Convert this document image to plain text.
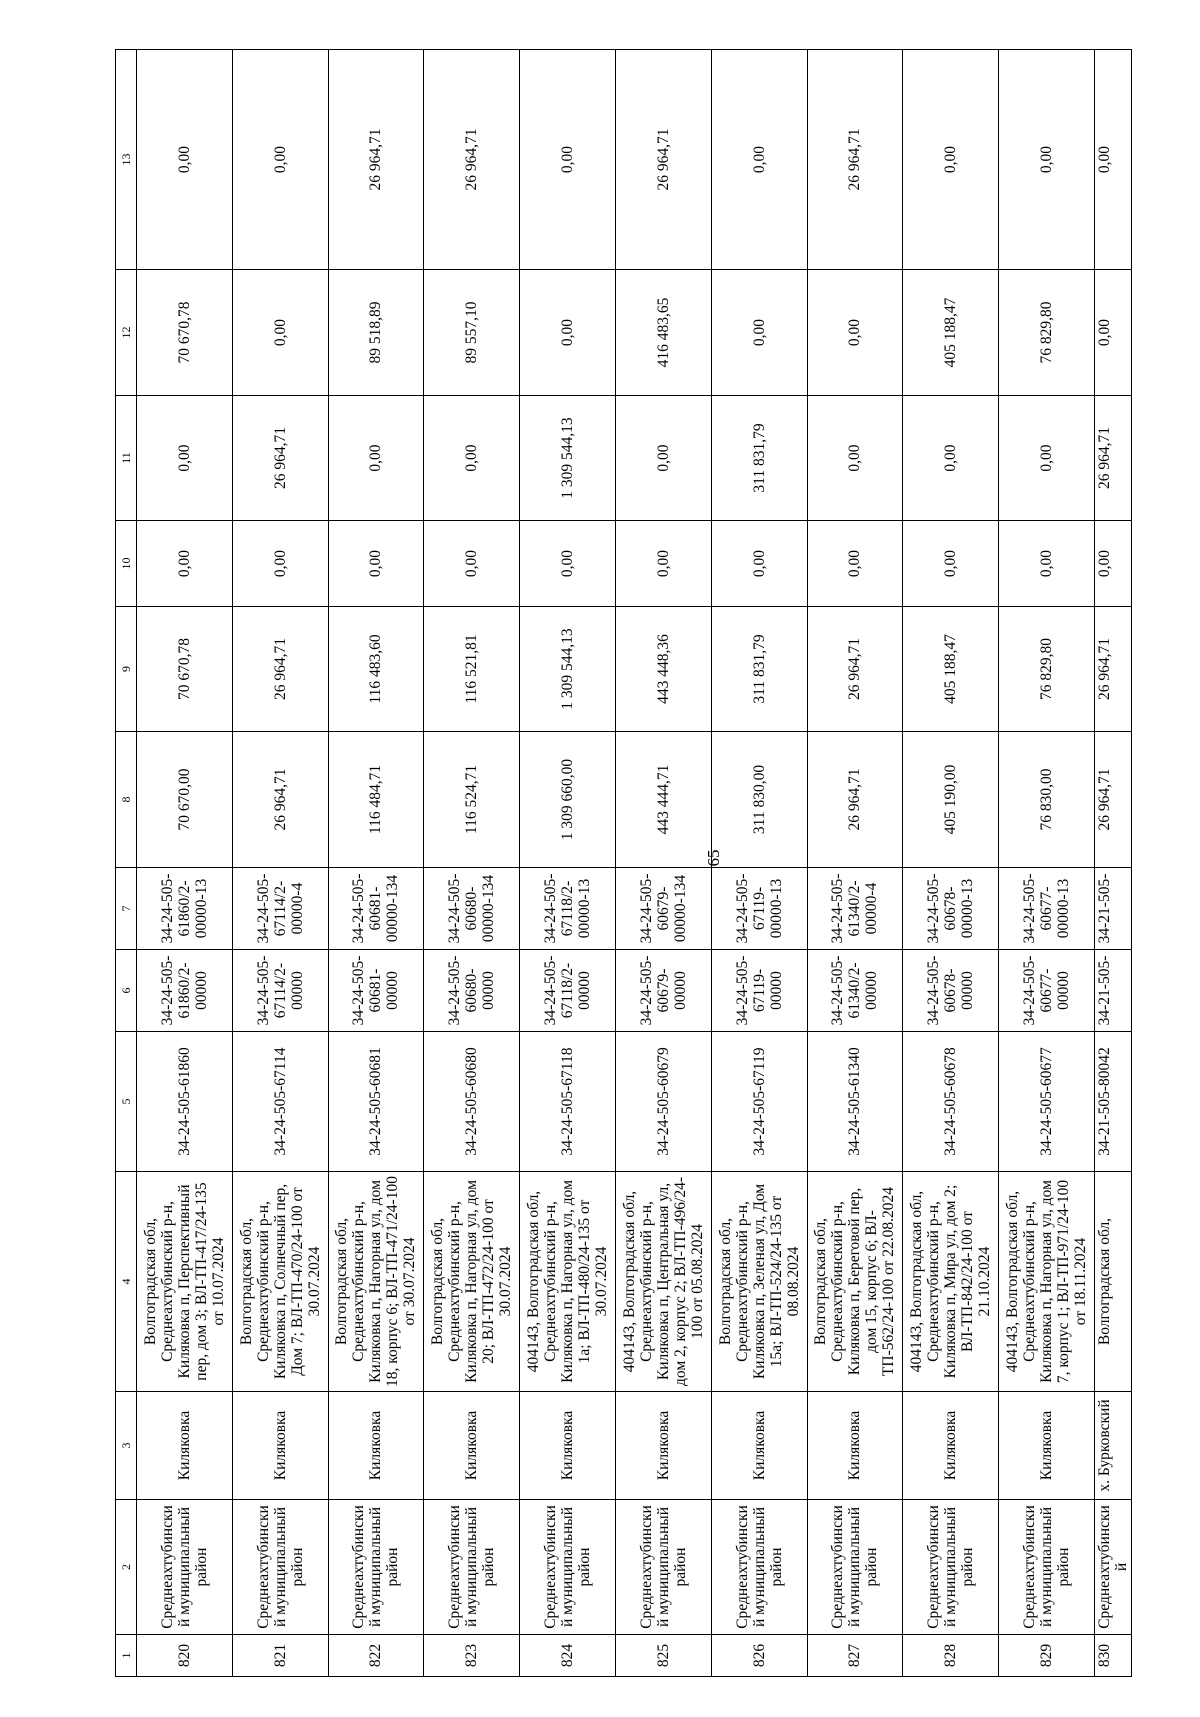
65
1	2	3	4	5	6	7	8	9	10	11	12	13
820	Среднеахтубинский муниципальный район	Киляковка	Волгоградская обл, Среднеахтубинский р-н, Киляковка п, Перспективный пер, дом 3; ВЛ-ТП-417/24-135 от 10.07.2024	34-24-505-61860	34-24-505-61860/2-00000	34-24-505-61860/2-00000-13	70 670,00	70 670,78	0,00	0,00	70 670,78	0,00
821	Среднеахтубинский муниципальный район	Киляковка	Волгоградская обл, Среднеахтубинский р-н, Киляковка п, Солнечный пер, Дом 7; ВЛ-ТП-470/24-100 от 30.07.2024	34-24-505-67114	34-24-505-67114/2-00000	34-24-505-67114/2-00000-4	26 964,71	26 964,71	0,00	26 964,71	0,00	0,00
822	Среднеахтубинский муниципальный район	Киляковка	Волгоградская обл, Среднеахтубинский р-н, Киляковка п, Нагорная ул, дом 18, корпус 6; ВЛ-ТП-471/24-100 от 30.07.2024	34-24-505-60681	34-24-505-60681-00000	34-24-505-60681-00000-134	116 484,71	116 483,60	0,00	0,00	89 518,89	26 964,71
823	Среднеахтубинский муниципальный район	Киляковка	Волгоградская обл, Среднеахтубинский р-н, Киляковка п, Нагорная ул, дом 20; ВЛ-ТП-472/24-100 от 30.07.2024	34-24-505-60680	34-24-505-60680-00000	34-24-505-60680-00000-134	116 524,71	116 521,81	0,00	0,00	89 557,10	26 964,71
824	Среднеахтубинский муниципальный район	Киляковка	404143, Волгоградская обл, Среднеахтубинский р-н, Киляковка п, Нагорная ул, дом 1а; ВЛ-ТП-480/24-135 от 30.07.2024	34-24-505-67118	34-24-505-67118/2-00000	34-24-505-67118/2-00000-13	1 309 660,00	1 309 544,13	0,00	1 309 544,13	0,00	0,00
825	Среднеахтубинский муниципальный район	Киляковка	404143, Волгоградская обл, Среднеахтубинский р-н, Киляковка п, Центральная ул, дом 2, корпус 2; ВЛ-ТП-496/24-100 от 05.08.2024	34-24-505-60679	34-24-505-60679-00000	34-24-505-60679-00000-134	443 444,71	443 448,36	0,00	0,00	416 483,65	26 964,71
826	Среднеахтубинский муниципальный район	Киляковка	Волгоградская обл, Среднеахтубинский р-н, Киляковка п, Зеленая ул, Дом 15а; ВЛ-ТП-524/24-135 от 08.08.2024	34-24-505-67119	34-24-505-67119-00000	34-24-505-67119-00000-13	311 830,00	311 831,79	0,00	311 831,79	0,00	0,00
827	Среднеахтубинский муниципальный район	Киляковка	Волгоградская обл, Среднеахтубинский р-н, Киляковка п, Береговой пер, дом 15, корпус 6; ВЛ-ТП-562/24-100 от 22.08.2024	34-24-505-61340	34-24-505-61340/2-00000	34-24-505-61340/2-00000-4	26 964,71	26 964,71	0,00	0,00	0,00	26 964,71
828	Среднеахтубинский муниципальный район	Киляковка	404143, Волгоградская обл, Среднеахтубинский р-н, Киляковка п, Мира ул, дом 2; ВЛ-ТП-842/24-100 от 21.10.2024	34-24-505-60678	34-24-505-60678-00000	34-24-505-60678-00000-13	405 190,00	405 188,47	0,00	0,00	405 188,47	0,00
829	Среднеахтубинский муниципальный район	Киляковка	404143, Волгоградская обл, Среднеахтубинский р-н, Киляковка п, Нагорная ул, дом 7, корпус 1; ВЛ-ТП-971/24-100 от 18.11.2024	34-24-505-60677	34-24-505-60677-00000	34-24-505-60677-00000-13	76 830,00	76 829,80	0,00	0,00	76 829,80	0,00
830	Среднеахтубинский	х. Бурковский	Волгоградская обл,	34-21-505-80042	34-21-505-	34-21-505-	26 964,71	26 964,71	0,00	26 964,71	0,00	0,00
